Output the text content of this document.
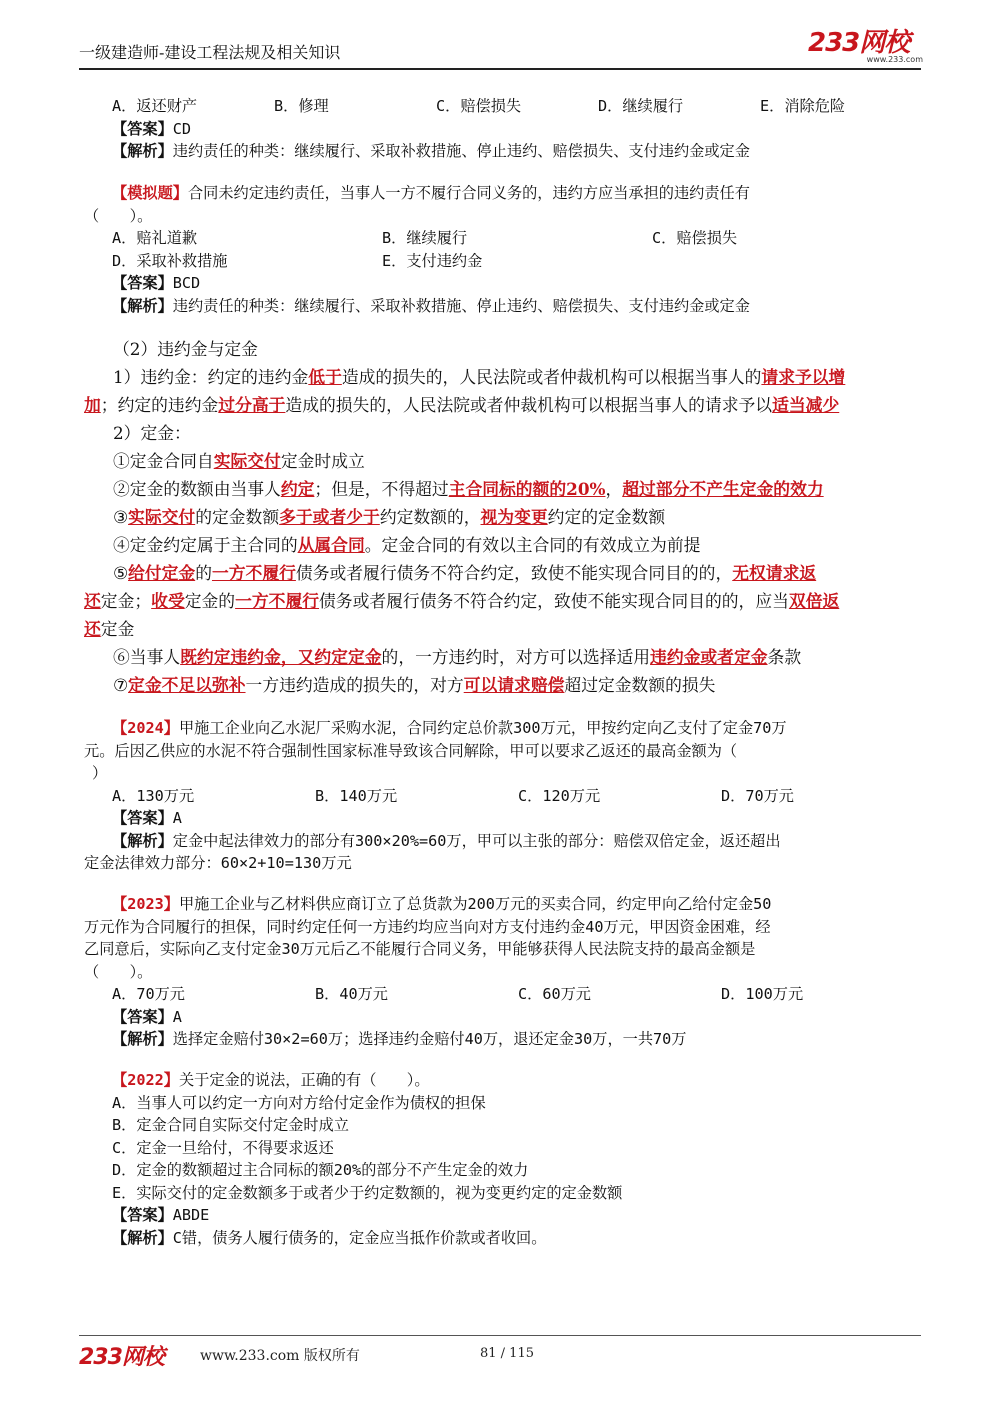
一级建造师-建设工程法规及相关知识	233网校
www.233.com

A．返还财产	B．修理	C．赔偿损失	D．继续履行	E．消除危险

【答案】CD

【解析】违约责任的种类：继续履行、采取补救措施、停止违约、赔偿损失、支付违约金或定金

【模拟题】合同未约定违约责任，当事人一方不履行合同义务的，违约方应当承担的违约责任有

（　　）。

A．赔礼道歉	B．继续履行	C．赔偿损失

D．采取补救措施	E．支付违约金

【答案】BCD

【解析】违约责任的种类：继续履行、采取补救措施、停止违约、赔偿损失、支付违约金或定金

（2）违约金与定金

1）违约金：约定的违约金低于造成的损失的，人民法院或者仲裁机构可以根据当事人的请求予以增

加；约定的违约金过分高于造成的损失的，人民法院或者仲裁机构可以根据当事人的请求予以适当减少

2）定金：

①定金合同自实际交付定金时成立

②定金的数额由当事人约定；但是，不得超过主合同标的额的20%，超过部分不产生定金的效力

③实际交付的定金数额多于或者少于约定数额的，视为变更约定的定金数额

④定金约定属于主合同的从属合同。定金合同的有效以主合同的有效成立为前提

⑤给付定金的一方不履行债务或者履行债务不符合约定，致使不能实现合同目的的，无权请求返

还定金；收受定金的一方不履行债务或者履行债务不符合约定，致使不能实现合同目的的，应当双倍返

还定金

⑥当事人既约定违约金，又约定定金的，一方违约时，对方可以选择适用违约金或者定金条款

⑦定金不足以弥补一方违约造成的损失的，对方可以请求赔偿超过定金数额的损失

【2024】甲施工企业向乙水泥厂采购水泥，合同约定总价款300万元，甲按约定向乙支付了定金70万

元。后因乙供应的水泥不符合强制性国家标准导致该合同解除，甲可以要求乙返还的最高金额为（

）

A．130万元	B．140万元	C．120万元	D．70万元

【答案】A

【解析】定金中起法律效力的部分有300×20%=60万，甲可以主张的部分：赔偿双倍定金，返还超出

定金法律效力部分：60×2+10=130万元

【2023】甲施工企业与乙材料供应商订立了总货款为200万元的买卖合同，约定甲向乙给付定金50

万元作为合同履行的担保，同时约定任何一方违约均应当向对方支付违约金40万元，甲因资金困难，经

乙同意后，实际向乙支付定金30万元后乙不能履行合同义务，甲能够获得人民法院支持的最高金额是

（　　）。

A．70万元	B．40万元	C．60万元	D．100万元

【答案】A

【解析】选择定金赔付30×2=60万；选择违约金赔付40万，退还定金30万，一共70万

【2022】关于定金的说法，正确的有（　　）。

A．当事人可以约定一方向对方给付定金作为债权的担保

B．定金合同自实际交付定金时成立

C．定金一旦给付，不得要求返还

D．定金的数额超过主合同标的额20%的部分不产生定金的效力

E．实际交付的定金数额多于或者少于约定数额的，视为变更约定的定金数额

【答案】ABDE

【解析】C错，债务人履行债务的，定金应当抵作价款或者收回。

233网校	www.233.com 版权所有	81 / 115
